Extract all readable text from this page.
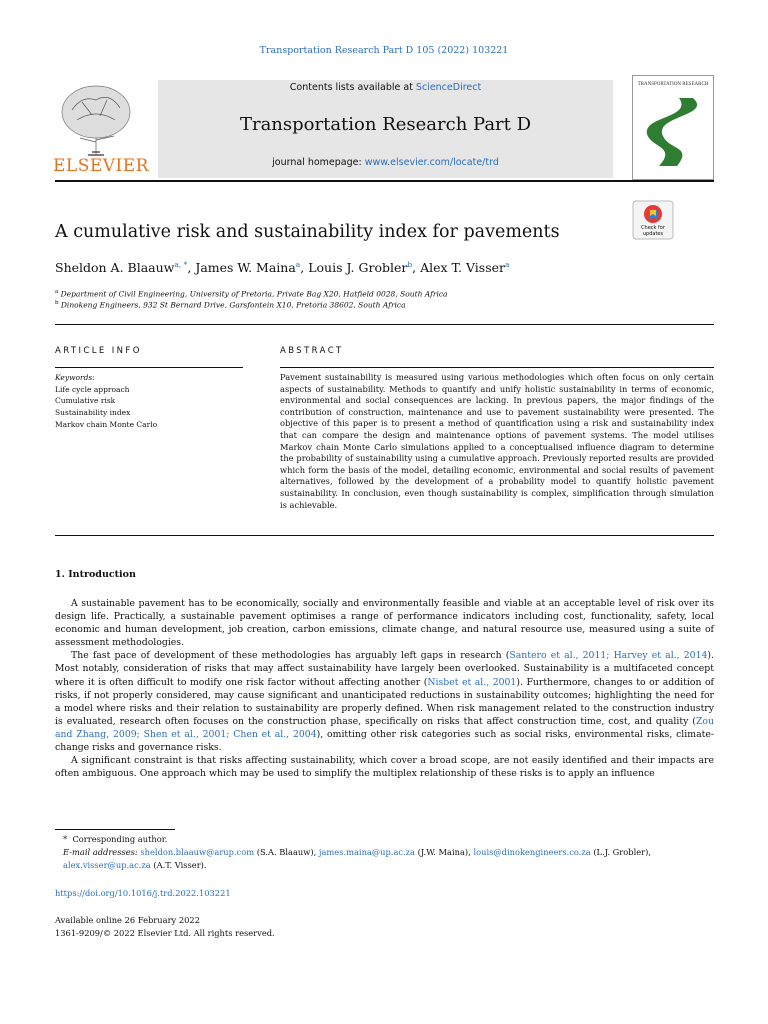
Transportation Research Part D 105 (2022) 103221
ELSEVIER
Contents lists available at ScienceDirect
Transportation Research Part D
journal homepage: www.elsevier.com/locate/trd
TRANSPORTATION RESEARCH
Check for updates
A cumulative risk and sustainability index for pavements
Sheldon A. Blaauw$^{a, *}$, James W. Maina$^a$, Louis J. Grobler$^b$, Alex T. Visser$^a$
$^a$ Department of Civil Engineering, University of Pretoria, Private Bag X20, Hatfield 0028, South Africa
$^b$ Dinokeng Engineers, 932 St Bernard Drive, Garsfontein X10, Pretoria 38602, South Africa
ARTICLE INFO
Keywords:
Life cycle approach
Cumulative risk
Sustainability index
Markov chain Monte Carlo
ABSTRACT
Pavement sustainability is measured using various methodologies which often focus on only certain aspects of sustainability. Methods to quantify and unify holistic sustainability in terms of economic, environmental and social consequences are lacking. In previous papers, the major findings of the contribution of construction, maintenance and use to pavement sustainability were presented. The objective of this paper is to present a method of quantification using a risk and sustainability index that can compare the design and maintenance options of pavement systems. The model utilises Markov chain Monte Carlo simulations applied to a conceptualised influence diagram to determine the probability of sustainability using a cumulative approach. Previously reported results are provided which form the basis of the model, detailing economic, environmental and social results of pavement alternatives, followed by the development of a probability model to quantify holistic pavement sustainability. In conclusion, even though sustainability is complex, simplification through simulation is achievable.
1. Introduction

A sustainable pavement has to be economically, socially and environmentally feasible and viable at an acceptable level of risk over its design life. Practically, a sustainable pavement optimises a range of performance indicators including cost, functionality, safety, local economic and human development, job creation, carbon emissions, climate change, and natural resource use, measured using a suite of assessment methodologies.

The fast pace of development of these methodologies has arguably left gaps in research (Santero et al., 2011; Harvey et al., 2014). Most notably, consideration of risks that may affect sustainability have largely been overlooked. Sustainability is a multifaceted concept where it is often difficult to modify one risk factor without affecting another (Nisbet et al., 2001). Furthermore, changes to or addition of risks, if not properly considered, may cause significant and unanticipated reductions in sustainability outcomes; highlighting the need for a model where risks and their relation to sustainability are properly defined. When risk management related to the construction industry is evaluated, research often focuses on the construction phase, specifically on risks that affect construction time, cost, and quality (Zou and Zhang, 2009; Shen et al., 2001; Chen et al., 2004), omitting other risk categories such as social risks, environmental risks, climate-change risks and governance risks.

A significant constraint is that risks affecting sustainability, which cover a broad scope, are not easily identified and their impacts are often ambiguous. One approach which may be used to simplify the multiplex relationship of these risks is to apply an influence

* Corresponding author.
E-mail addresses: sheldon.blaauw@arup.com (S.A. Blaauw), james.maina@up.ac.za (J.W. Maina), louis@dinokengineers.co.za (L.J. Grobler),
alex.visser@up.ac.za (A.T. Visser).
https://doi.org/10.1016/j.trd.2022.103221
Available online 26 February 2022
1361-9209/© 2022 Elsevier Ltd. All rights reserved.
